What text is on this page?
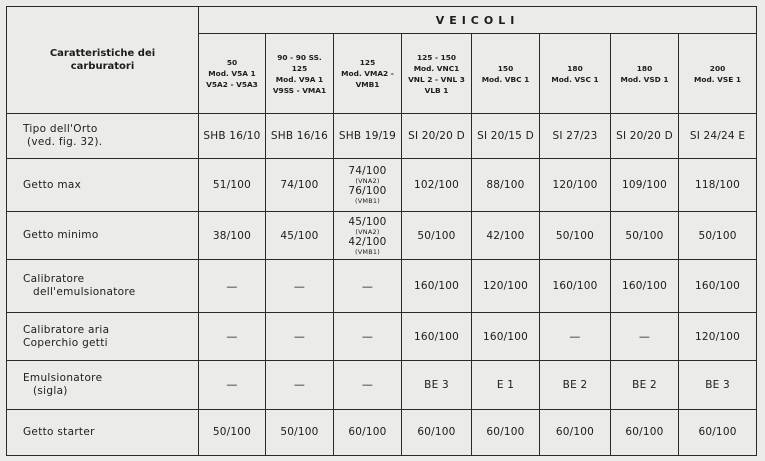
Caratteristiche dei
carburatori	VEICOLI							

	50
Mod. V5A 1
V5A2 - V5A3	90 - 90 SS.
125
Mod. V9A 1
V9SS - VMA1	125
Mod. VMA2 -
VMB1	125 - 150
Mod. VNC1
VNL 2 - VNL 3
VLB 1	150
Mod. VBC 1	180
Mod. VSC 1	180
Mod. VSD 1	200
Mod. VSE 1

Tipo dell'Orto
(ved. fig. 32).	SHB 16/10	SHB 16/16	SHB 19/19	SI 20/20 D	SI 20/15 D	SI 27/23	SI 20/20 D	SI 24/24 E

Getto max	51/100	74/100	74/100
(VNA2)
76/100
(VMB1)	102/100	88/100	120/100	109/100	118/100

Getto minimo	38/100	45/100	45/100
(VNA2)
42/100
(VMB1)	50/100	42/100	50/100	50/100	50/100

Calibratore
dell'emulsionatore	—	—	—	160/100	120/100	160/100	160/100	160/100

Calibratore aria
Coperchio getti	—	—	—	160/100	160/100	—	—	120/100

Emulsionatore
(sigla)	—	—	—	BE 3	E 1	BE 2	BE 2	BE 3

Getto starter	50/100	50/100	60/100	60/100	60/100	60/100	60/100	60/100
